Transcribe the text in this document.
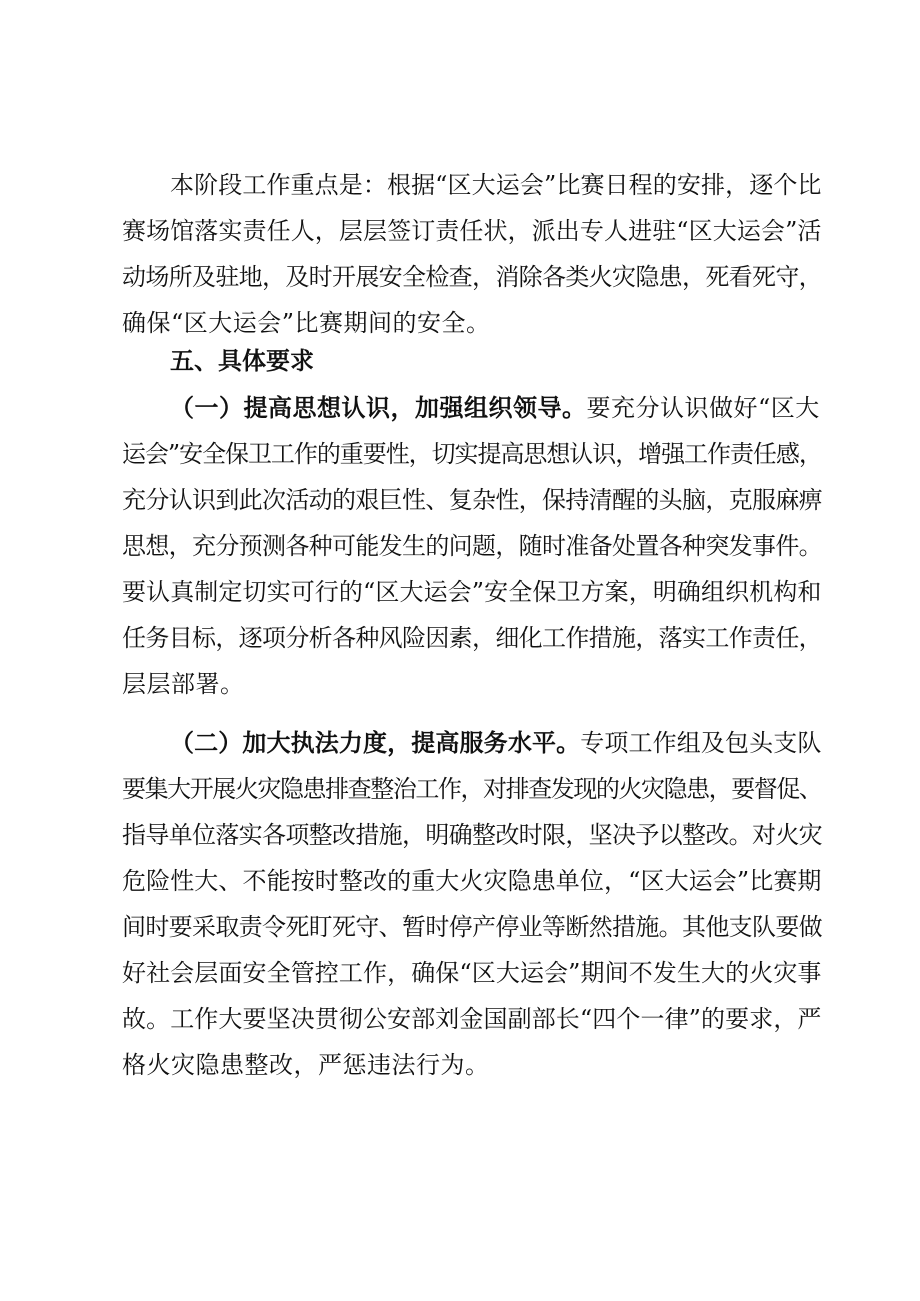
本阶段工作重点是：根据“区大运会”比赛日程的安排，逐个比
赛场馆落实责任人，层层签订责任状，派出专人进驻“区大运会”活
动场所及驻地，及时开展安全检查，消除各类火灾隐患，死看死守，
确保“区大运会”比赛期间的安全。
五、具体要求
（一）提高思想认识，加强组织领导。要充分认识做好“区大
运会”安全保卫工作的重要性，切实提高思想认识，增强工作责任感，
充分认识到此次活动的艰巨性、复杂性，保持清醒的头脑，克服麻痹
思想，充分预测各种可能发生的问题，随时准备处置各种突发事件。
要认真制定切实可行的“区大运会”安全保卫方案，明确组织机构和
任务目标，逐项分析各种风险因素，细化工作措施，落实工作责任，
层层部署。
（二）加大执法力度，提高服务水平。专项工作组及包头支队
要集大开展火灾隐患排查整治工作，对排查发现的火灾隐患，要督促、
指导单位落实各项整改措施，明确整改时限，坚决予以整改。对火灾
危险性大、不能按时整改的重大火灾隐患单位，“区大运会”比赛期
间时要采取责令死盯死守、暂时停产停业等断然措施。其他支队要做
好社会层面安全管控工作，确保“区大运会”期间不发生大的火灾事
故。工作大要坚决贯彻公安部刘金国副部长“四个一律”的要求，严
格火灾隐患整改，严惩违法行为。
